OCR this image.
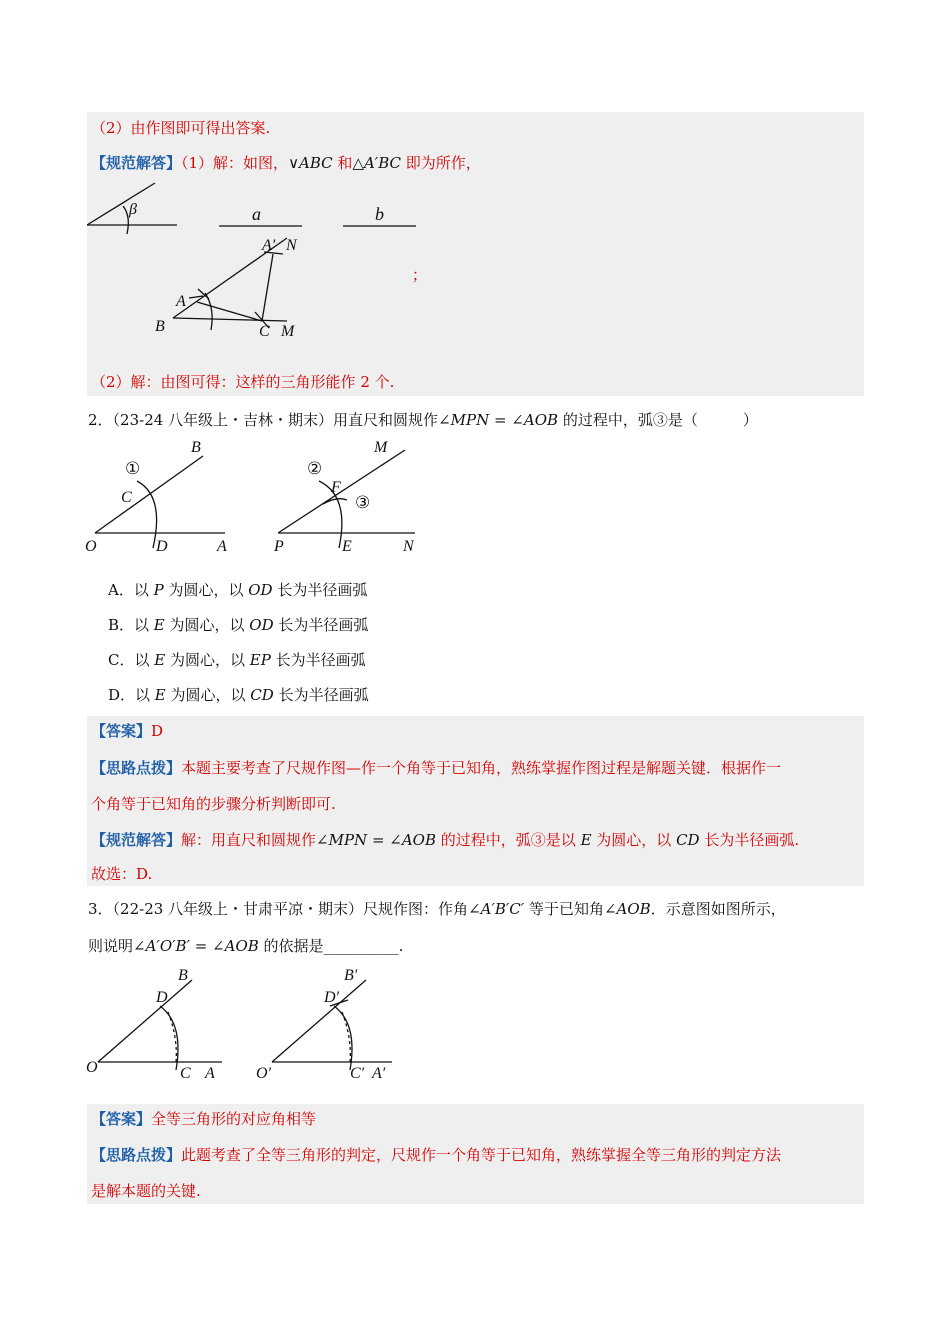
（2）由作图即可得出答案.
【规范解答】（1）解：如图，∨ABC 和△A′BC 即为所作，
β	a	b
A′ N
A
B	C M
；
（2）解：由图可得：这样的三角形能作 2 个.
2．（23-24 八年级上・吉林・期末）用直尺和圆规作∠MPN = ∠AOB 的过程中，弧③是（　　　）
B
①
C
O	D	A
M
②
F
③
P	E	N
A．以 P 为圆心，以 OD 长为半径画弧
B．以 E 为圆心，以 OD 长为半径画弧
C．以 E 为圆心，以 EP 长为半径画弧
D．以 E 为圆心，以 CD 长为半径画弧
【答案】D
【思路点拨】本题主要考查了尺规作图—作一个角等于已知角，熟练掌握作图过程是解题关键．根据作一
个角等于已知角的步骤分析判断即可.
【规范解答】解：用直尺和圆规作∠MPN = ∠AOB 的过程中，弧③是以 E 为圆心，以 CD 长为半径画弧.
故选：D.
3．（22-23 八年级上・甘肃平凉・期末）尺规作图：作角∠A′B′C′ 等于已知角∠AOB．示意图如图所示，
则说明∠A′O′B′ = ∠AOB 的依据是__________.
B
D
O	C A
B′
D′
O′	C′ A′
【答案】全等三角形的对应角相等
【思路点拨】此题考查了全等三角形的判定，尺规作一个角等于已知角，熟练掌握全等三角形的判定方法
是解本题的关键.
